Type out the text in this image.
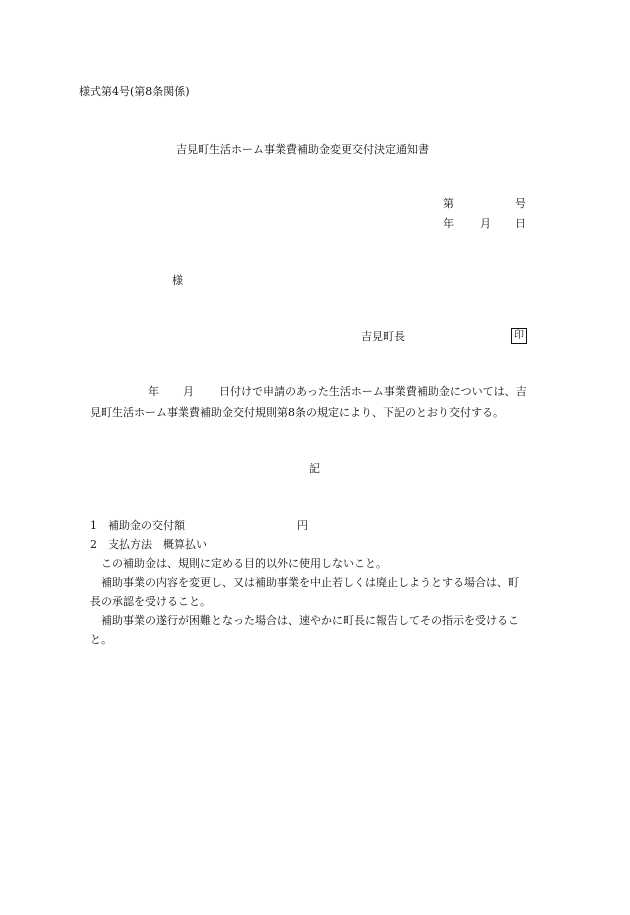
様式第4号(第8条関係)
吉見町生活ホーム事業費補助金変更交付決定通知書
第	号
年 月 日
様
吉見町長	印
年 月 日付けで申請のあった生活ホーム事業費補助金については、吉
見町生活ホーム事業費補助金交付規則第8条の規定により、下記のとおり交付する。
記
1　補助金の交付額	円
2　支払方法　概算払い
この補助金は、規則に定める目的以外に使用しないこと。
補助事業の内容を変更し、又は補助事業を中止若しくは廃止しようとする場合は、町
長の承認を受けること。
補助事業の遂行が困難となった場合は、速やかに町長に報告してその指示を受けるこ
と。
